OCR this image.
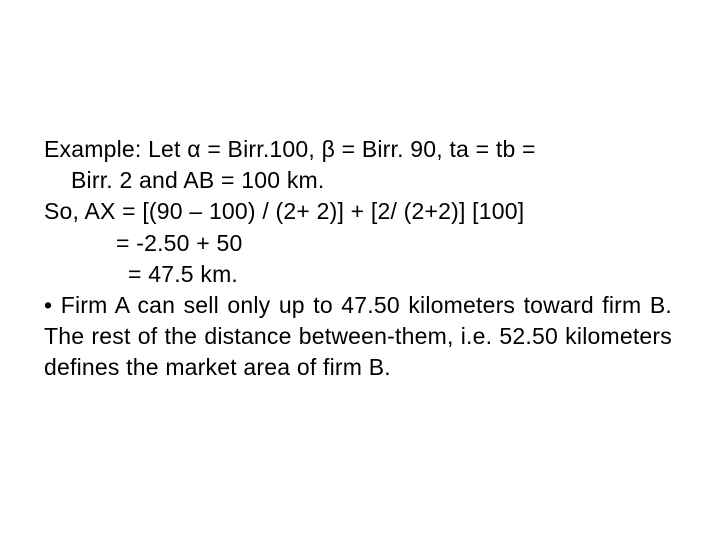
Example: Let α = Birr.100, β = Birr. 90, ta = tb =
Birr. 2 and AB = 100 km.
So, AX = [(90 – 100) / (2+ 2)] + [2/ (2+2)] [100]
= -2.50 + 50
= 47.5 km.
• Firm A can sell only up to 47.50 kilometers toward firm B. The rest of the distance between-them, i.e. 52.50 kilometers defines the market area of firm B.
